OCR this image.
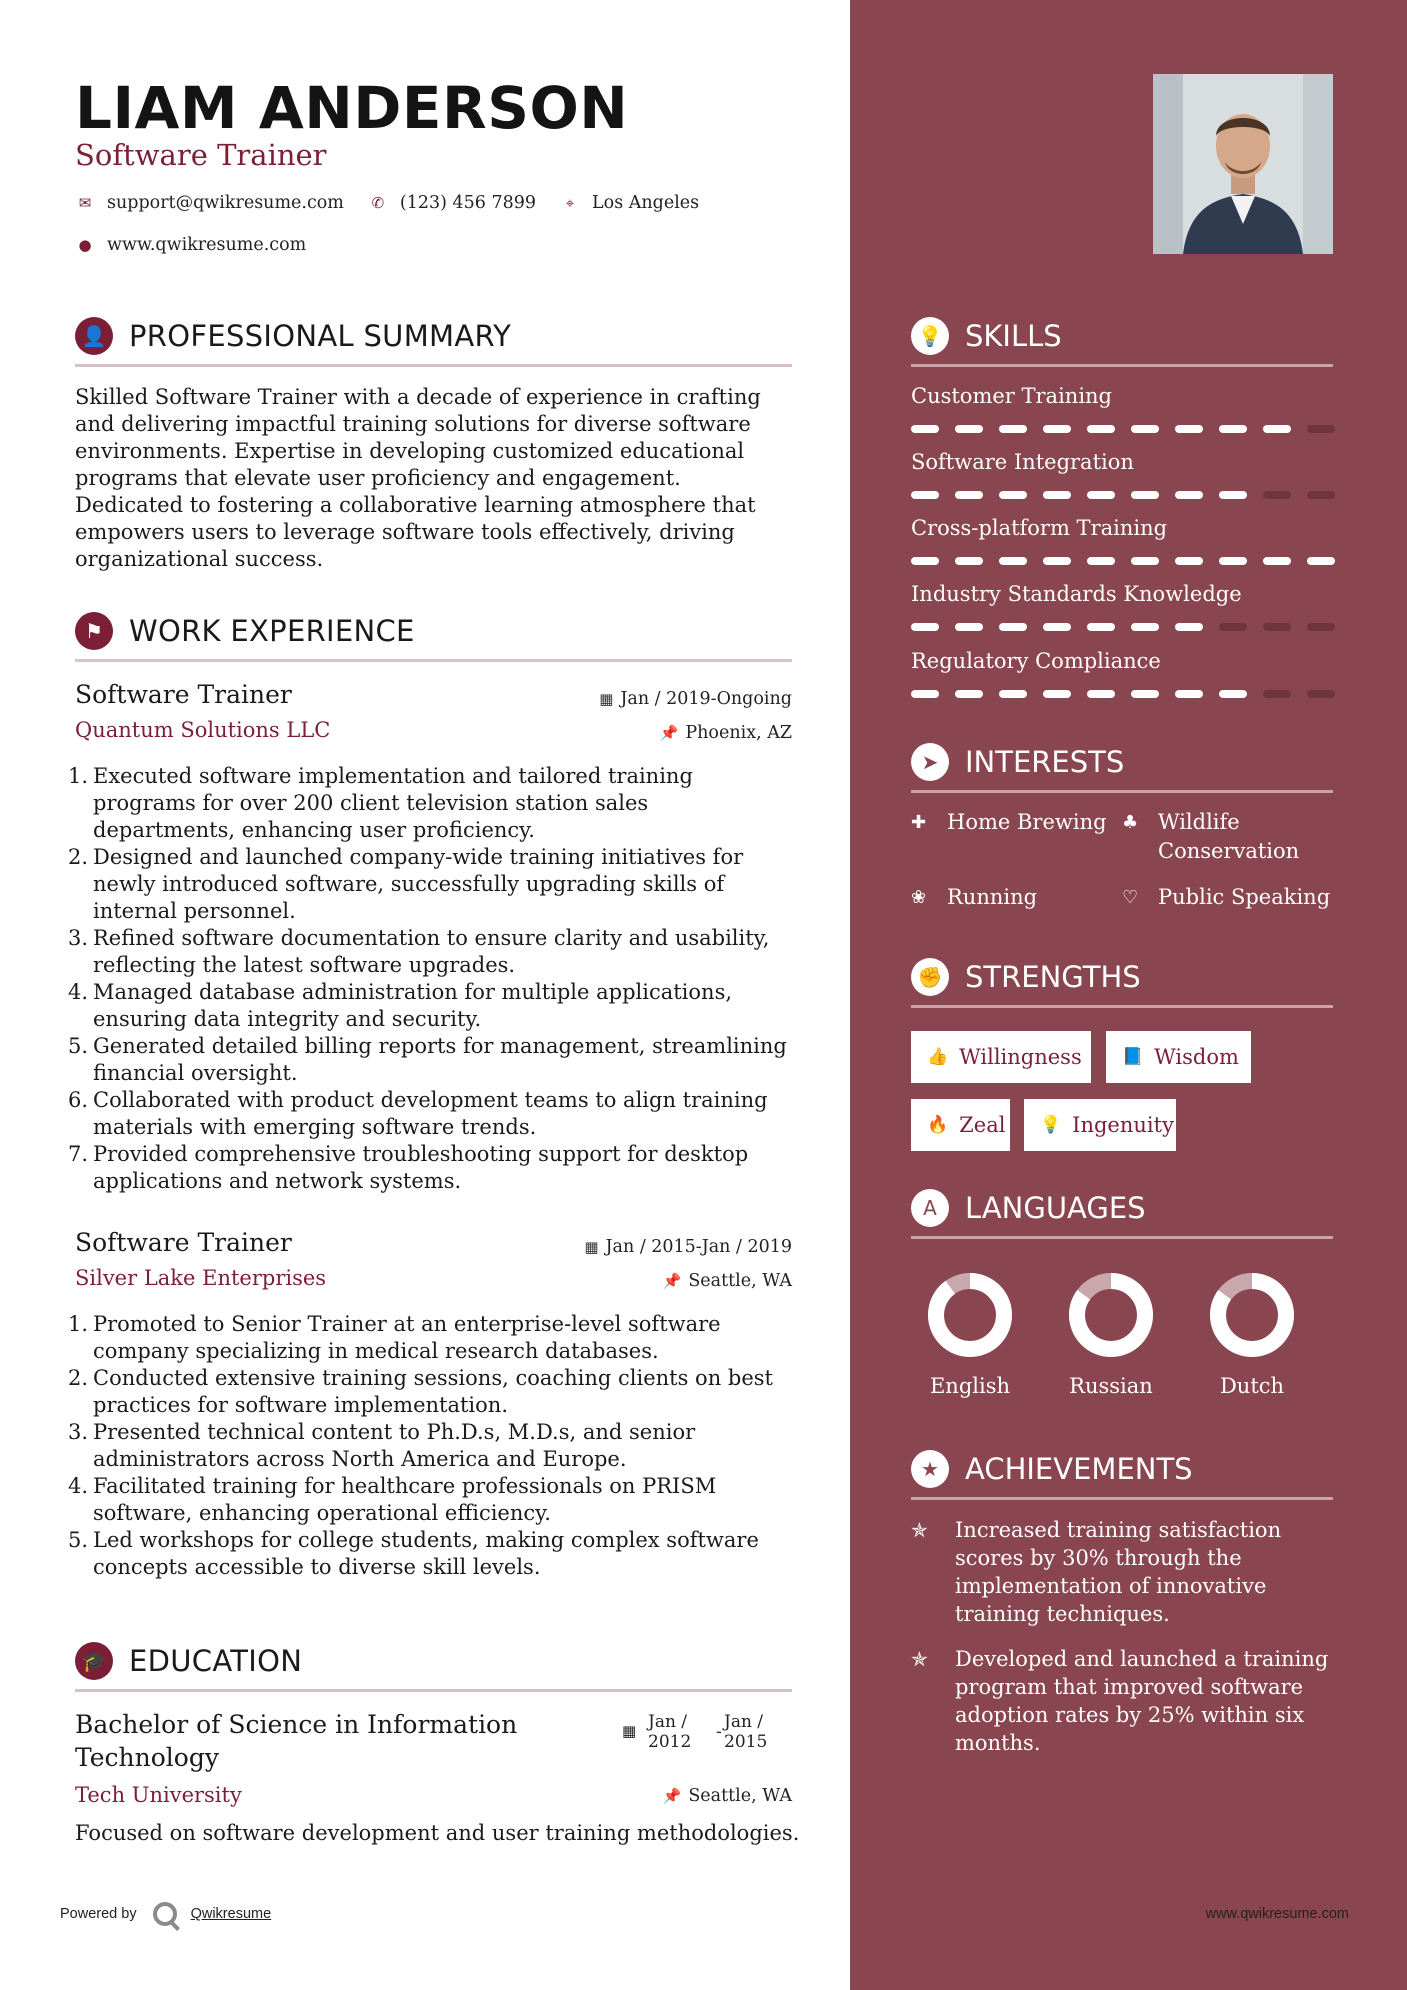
LIAM ANDERSON
Software Trainer
✉ support@qwikresume.com ✆ (123) 456 7899	⌖	Los Angeles
● www.qwikresume.com
👤 PROFESSIONAL SUMMARY
Skilled Software Trainer with a decade of experience in crafting and delivering impactful training solutions for diverse software environments. Expertise in developing customized educational programs that elevate user proficiency and engagement. Dedicated to fostering a collaborative learning atmosphere that empowers users to leverage software tools effectively, driving organizational success.
⚑ WORK EXPERIENCE
Software Trainer	▦ Jan / 2019-Ongoing
Quantum Solutions LLC	📌 Phoenix, AZ
1. Executed software implementation and tailored training programs for over 200 client television station sales departments, enhancing user proficiency.
2. Designed and launched company-wide training initiatives for newly introduced software, successfully upgrading skills of internal personnel.
3. Refined software documentation to ensure clarity and usability, reflecting the latest software upgrades.
4. Managed database administration for multiple applications, ensuring data integrity and security.
5. Generated detailed billing reports for management, streamlining financial oversight.
6. Collaborated with product development teams to align training materials with emerging software trends.
7. Provided comprehensive troubleshooting support for desktop applications and network systems.
Software Trainer	▦ Jan / 2015-Jan / 2019
Silver Lake Enterprises	📌 Seattle, WA
1. Promoted to Senior Trainer at an enterprise-level software company specializing in medical research databases.
2. Conducted extensive training sessions, coaching clients on best practices for software implementation.
3. Presented technical content to Ph.D.s, M.D.s, and senior administrators across North America and Europe.
4. Facilitated training for healthcare professionals on PRISM software, enhancing operational efficiency.
5. Led workshops for college students, making complex software concepts accessible to diverse skill levels.
🎓 EDUCATION
Bachelor of Science in Information Technology
▦ Jan /
2012 - Jan /
2015
Tech University	📌 Seattle, WA
Focused on software development and user training methodologies.
Powered by	Qwikresume
💡 SKILLS
Customer Training
Software Integration
Cross-platform Training
Industry Standards Knowledge
Regulatory Compliance
➤ INTERESTS
✚ Home Brewing ♣ Wildlife
Conservation
❀ Running	♡ Public Speaking
✊ STRENGTHS
👍 Willingness 📘 Wisdom
🔥 Zeal 💡 Ingenuity
A LANGUAGES
English	Russian	Dutch
★ ACHIEVEMENTS
✯	Increased training satisfaction scores by 30% through the implementation of innovative training techniques.
✯	Developed and launched a training program that improved software adoption rates by 25% within six months.
www.qwikresume.com
